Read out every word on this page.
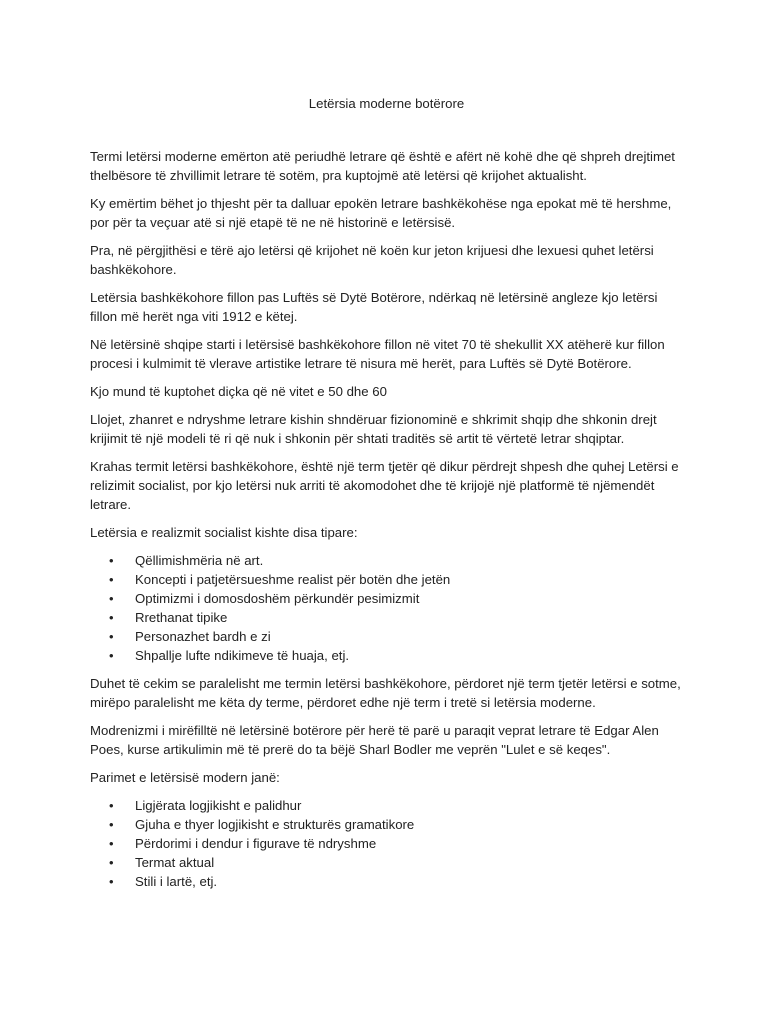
Letërsia moderne botërore

Termi letërsi moderne emërton atë periudhë letrare që është e afërt në kohë dhe që shpreh drejtimet thelbësore të zhvillimit letrare të sotëm, pra kuptojmë atë letërsi që krijohet aktualisht.

Ky emërtim bëhet jo thjesht për ta dalluar epokën letrare bashkëkohëse nga epokat më të hershme, por për ta veçuar atë si një etapë të ne në historinë e letërsisë.

Pra, në përgjithësi e tërë ajo letërsi që krijohet në koën kur jeton krijuesi dhe lexuesi quhet letërsi bashkëkohore.

Letërsia bashkëkohore fillon pas Luftës së Dytë Botërore, ndërkaq në letërsinë angleze kjo letërsi fillon më herët nga viti 1912 e këtej.

Në letërsinë shqipe starti i letërsisë bashkëkohore fillon në vitet 70 të shekullit XX atëherë kur fillon procesi i kulmimit të vlerave artistike letrare të nisura më herët, para Luftës së Dytë Botërore.

Kjo mund të kuptohet diçka që në vitet e 50 dhe 60

Llojet, zhanret e ndryshme letrare kishin shndëruar fizionominë e shkrimit shqip dhe shkonin drejt krijimit të një modeli të ri që nuk i shkonin për shtati traditës së artit të vërtetë letrar shqiptar.

Krahas termit letërsi bashkëkohore, është një term tjetër që dikur përdrejt shpesh dhe quhej Letërsi e relizimit socialist, por kjo letërsi nuk arriti të akomodohet dhe të krijojë një platformë të njëmendët letrare.

Letërsia e realizmit socialist kishte disa tipare:

• Qëllimishmëria në art.
• Koncepti i patjetërsueshme realist për botën dhe jetën
• Optimizmi i domosdoshëm përkundër pesimizmit
• Rrethanat tipike
• Personazhet bardh e zi
• Shpallje lufte ndikimeve të huaja, etj.

Duhet të cekim se paralelisht me termin letërsi bashkëkohore, përdoret një term tjetër letërsi e sotme, mirëpo paralelisht me këta dy terme, përdoret edhe një term i tretë si letërsia moderne.

Modrenizmi i mirëfilltë në letërsinë botërore për herë të parë u paraqit veprat letrare të Edgar Alen Poes, kurse artikulimin më të prerë do ta bëjë Sharl Bodler me veprën "Lulet e së keqes".

Parimet e letërsisë modern janë:

• Ligjërata logjikisht e palidhur
• Gjuha e thyer logjikisht e strukturës gramatikore
• Përdorimi i dendur i figurave të ndryshme
• Termat aktual
• Stili i lartë, etj.
